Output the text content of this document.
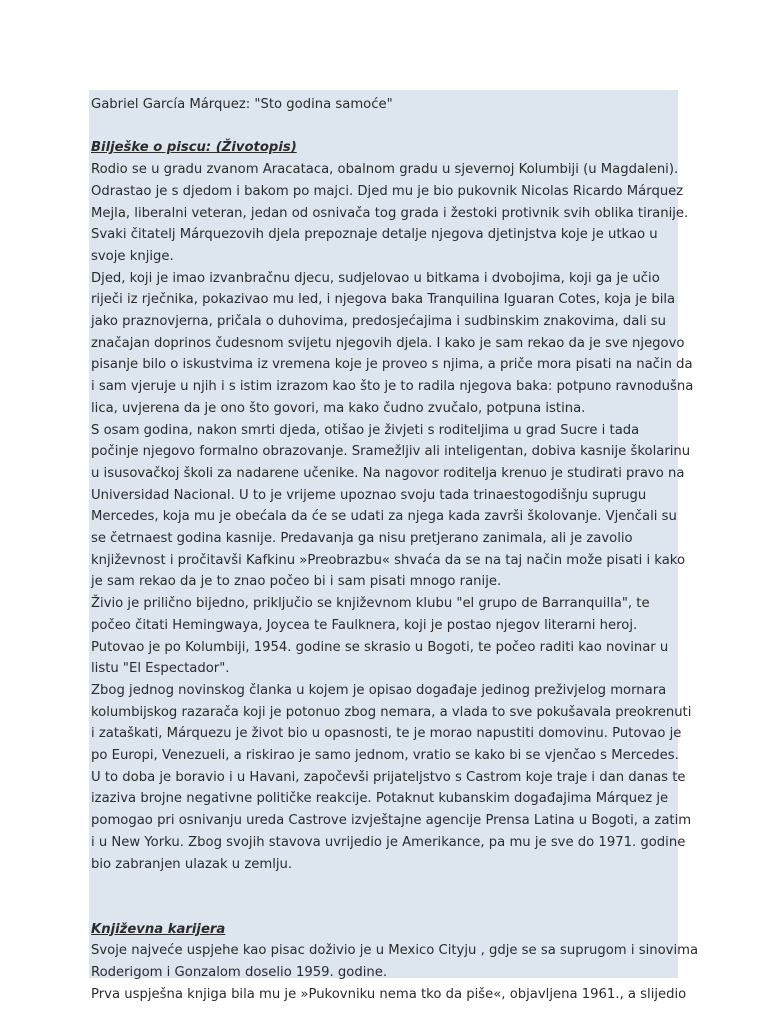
Gabriel García Márquez: "Sto godina samoće"
Bilješke o piscu: (Životopis)
Rodio se u gradu zvanom Aracataca, obalnom gradu u sjevernoj Kolumbiji (u Magdaleni).
Odrastao je s djedom i bakom po majci. Djed mu je bio pukovnik Nicolas Ricardo Márquez
Mejla, liberalni veteran, jedan od osnivača tog grada i žestoki protivnik svih oblika tiranije.
Svaki čitatelj Márquezovih djela prepoznaje detalje njegova djetinjstva koje je utkao u
svoje knjige.
Djed, koji je imao izvanbračnu djecu, sudjelovao u bitkama i dvobojima, koji ga je učio
riječi iz rječnika, pokazivao mu led, i njegova baka Tranquilina Iguaran Cotes, koja je bila
jako praznovjerna, pričala o duhovima, predosjećajima i sudbinskim znakovima, dali su
značajan doprinos čudesnom svijetu njegovih djela. I kako je sam rekao da je sve njegovo
pisanje bilo o iskustvima iz vremena koje je proveo s njima, a priče mora pisati na način da
i sam vjeruje u njih i s istim izrazom kao što je to radila njegova baka: potpuno ravnodušna
lica, uvjerena da je ono što govori, ma kako čudno zvučalo, potpuna istina.
S osam godina, nakon smrti djeda, otišao je živjeti s roditeljima u grad Sucre i tada
počinje njegovo formalno obrazovanje. Sramežljiv ali inteligentan, dobiva kasnije školarinu
u isusovačkoj školi za nadarene učenike. Na nagovor roditelja krenuo je studirati pravo na
Universidad Nacional. U to je vrijeme upoznao svoju tada trinaestogodišnju suprugu
Mercedes, koja mu je obećala da će se udati za njega kada završi školovanje. Vjenčali su
se četrnaest godina kasnije. Predavanja ga nisu pretjerano zanimala, ali je zavolio
književnost i pročitavši Kafkinu »Preobrazbu« shvaća da se na taj način može pisati i kako
je sam rekao da je to znao počeo bi i sam pisati mnogo ranije.
Živio je prilično bijedno, priključio se književnom klubu "el grupo de Barranquilla", te
počeo čitati Hemingwaya, Joycea te Faulknera, koji je postao njegov literarni heroj.
Putovao je po Kolumbiji, 1954. godine se skrasio u Bogoti, te počeo raditi kao novinar u
listu "El Espectador".
Zbog jednog novinskog članka u kojem je opisao događaje jedinog preživjelog mornara
kolumbijskog razarača koji je potonuo zbog nemara, a vlada to sve pokušavala preokrenuti
i zataškati, Márquezu je život bio u opasnosti, te je morao napustiti domovinu. Putovao je
po Europi, Venezueli, a riskirao je samo jednom, vratio se kako bi se vjenčao s Mercedes.
U to doba je boravio i u Havani, započevši prijateljstvo s Castrom koje traje i dan danas te
izaziva brojne negativne političke reakcije. Potaknut kubanskim događajima Márquez je
pomogao pri osnivanju ureda Castrove izvještajne agencije Prensa Latina u Bogoti, a zatim
i u New Yorku. Zbog svojih stavova uvrijedio je Amerikance, pa mu je sve do 1971. godine
bio zabranjen ulazak u zemlju.
Književna karijera
Svoje najveće uspjehe kao pisac doživio je u Mexico Cityju , gdje se sa suprugom i sinovima
Roderigom i Gonzalom doselio 1959. godine.
Prva uspješna knjiga bila mu je »Pukovniku nema tko da piše«, objavljena 1961., a slijedio
